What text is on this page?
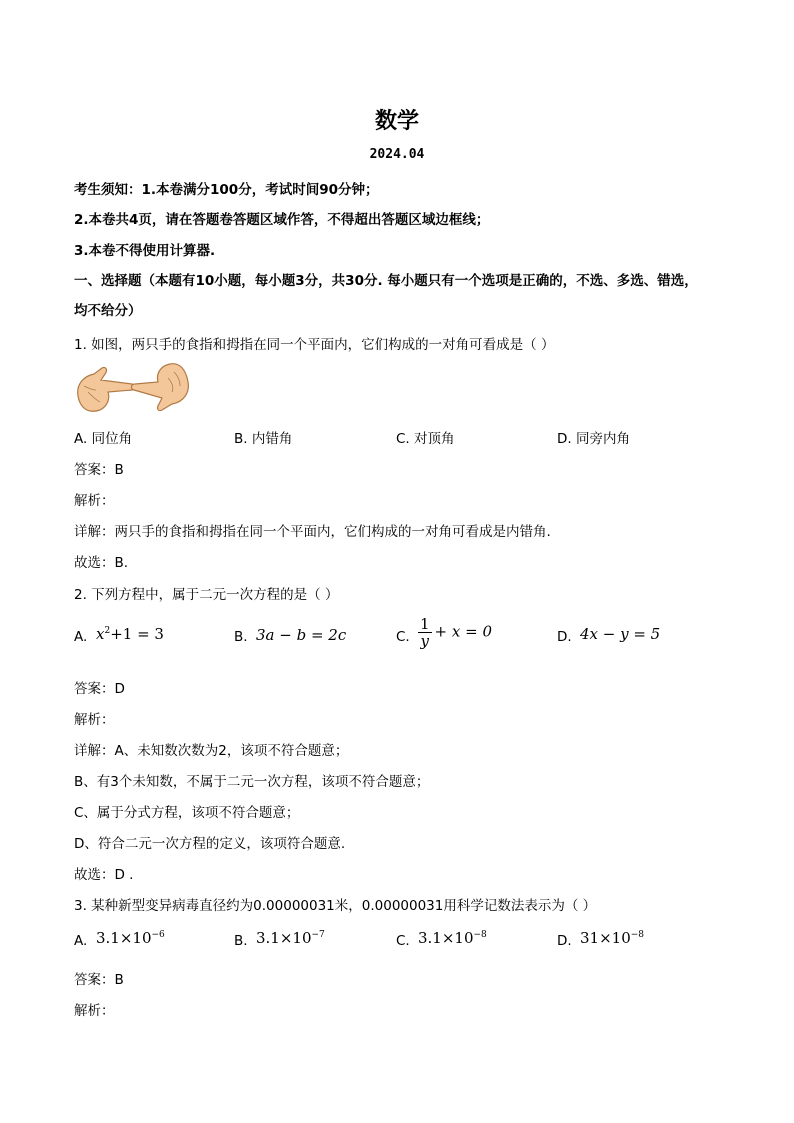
数学
2024.04
考生须知：1.本卷满分100分，考试时间90分钟；
2.本卷共4页，请在答题卷答题区域作答，不得超出答题区域边框线；
3.本卷不得使用计算器.
一、选择题（本题有10小题，每小题3分，共30分. 每小题只有一个选项是正确的，不选、多选、错选，
均不给分）
1. 如图，两只手的食指和拇指在同一个平面内，它们构成的一对角可看成是（ ）
A. 同位角	B. 内错角	C. 对顶角	D. 同旁内角
答案：B
解析：
详解：两只手的食指和拇指在同一个平面内，它们构成的一对角可看成是内错角.
故选：B.
2. 下列方程中，属于二元一次方程的是（ ）
A. $x^2+1 = 3$	B. 3a − b = 2c	C. $\frac{1}{y} + x = 0$	D. 4x − y = 5
答案：D
解析：
详解：A、未知数次数为2，该项不符合题意；
B、有3个未知数，不属于二元一次方程，该项不符合题意；
C、属于分式方程，该项不符合题意；
D、符合二元一次方程的定义，该项符合题意.
故选：D .
3. 某种新型变异病毒直径约为0.00000031米，0.00000031用科学记数法表示为（ ）
A. $3.1\times 10^{-6}$	B. $3.1\times 10^{-7}$	C. $3.1\times 10^{-8}$	D. $31\times 10^{-8}$
答案：B
解析：
